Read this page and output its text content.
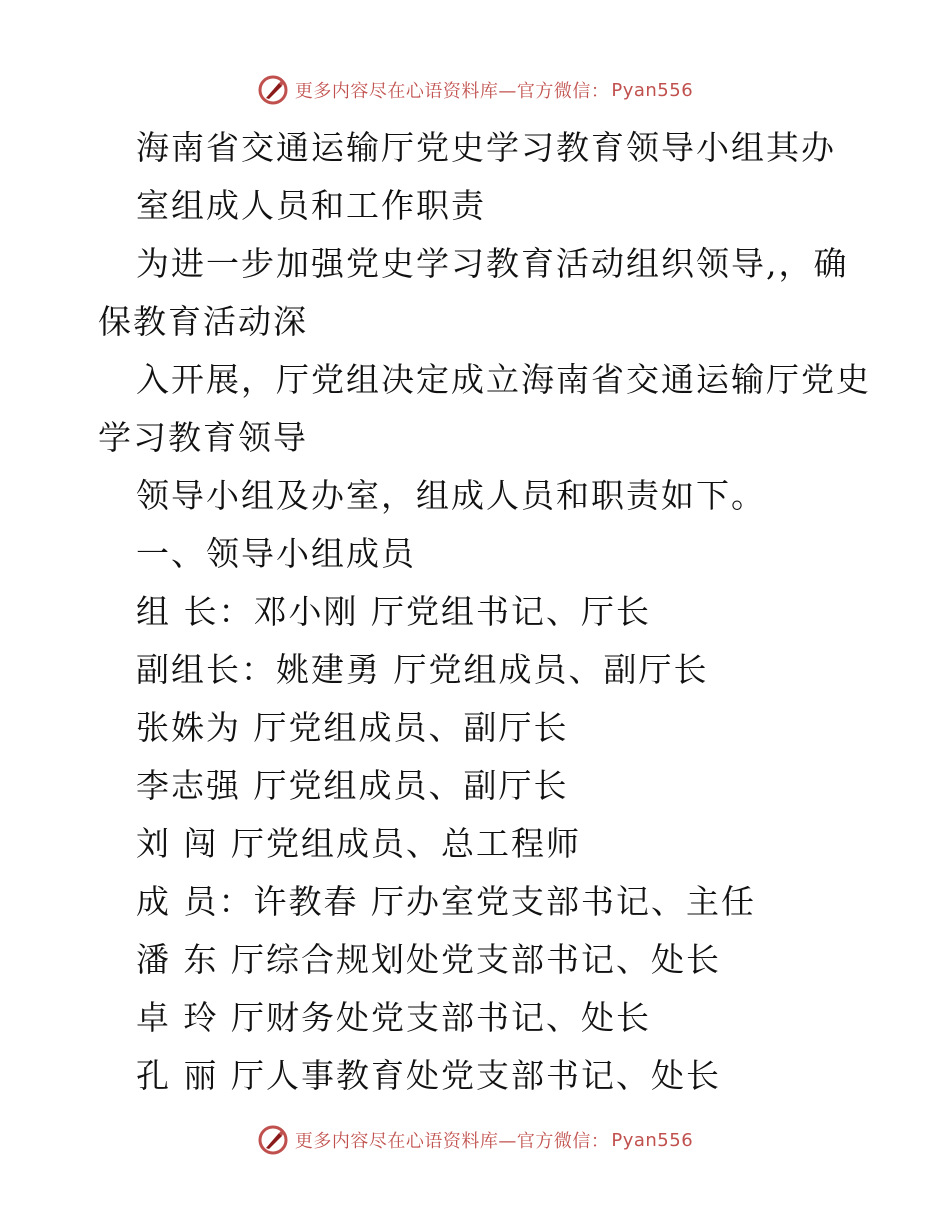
更多内容尽在心语资料库—官方微信： Pyan556
海南省交通运输厅党史学习教育领导小组其办
室组成人员和工作职责
为进一步加强党史学习教育活动组织领导,，确
保教育活动深
入开展，厅党组决定成立海南省交通运输厅党史
学习教育领导
领导小组及办室，组成人员和职责如下。
一、领导小组成员
组 长：邓小刚 厅党组书记、厅长
副组长：姚建勇 厅党组成员、副厅长
张姝为 厅党组成员、副厅长
李志强 厅党组成员、副厅长
刘 闯 厅党组成员、总工程师
成 员：许教春 厅办室党支部书记、主任
潘 东 厅综合规划处党支部书记、处长
卓 玲 厅财务处党支部书记、处长
孔 丽 厅人事教育处党支部书记、处长
更多内容尽在心语资料库—官方微信： Pyan556
